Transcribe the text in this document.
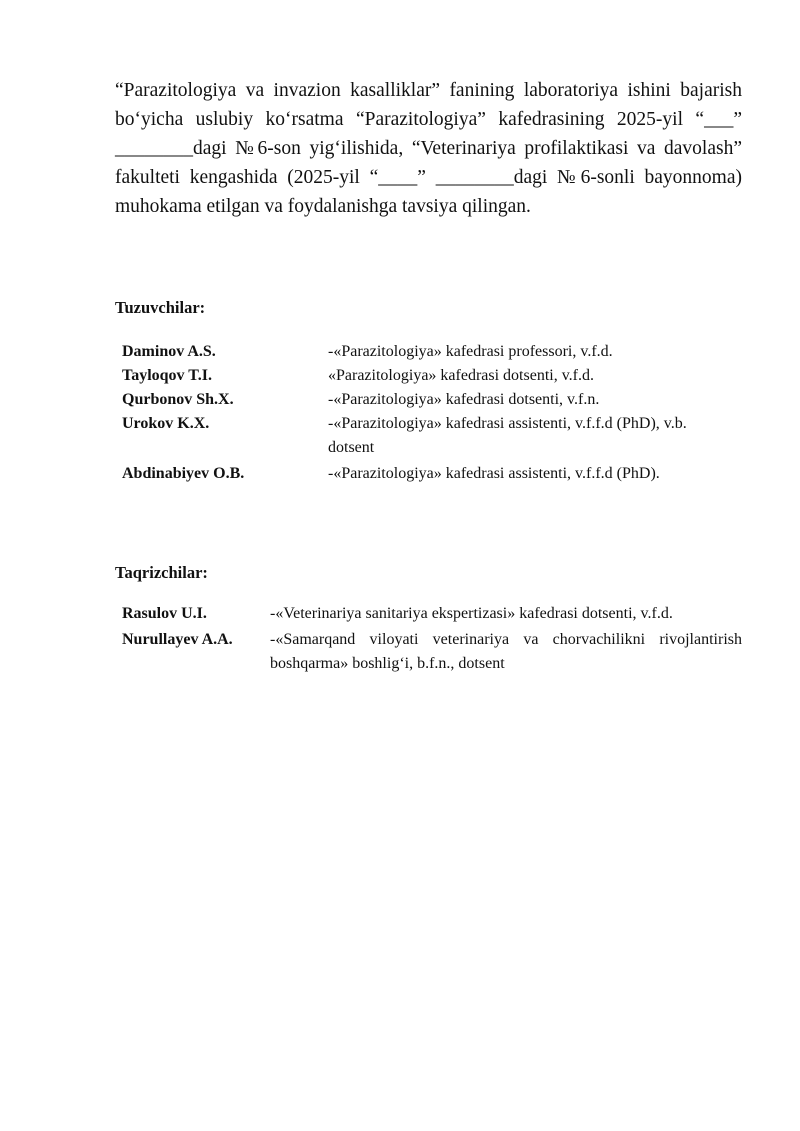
“Parazitologiya va invazion kasalliklar” fanining laboratoriya ishini bajarish bo‘yicha uslubiy ko‘rsatma “Parazitologiya” kafedrasining 2025-yil “___” ________dagi №6-son yig‘ilishida, “Veterinariya profilaktikasi va davolash” fakulteti kengashida (2025-yil “____” ________dagi №6-sonli bayonnoma) muhokama etilgan va foydalanishga tavsiya qilingan.
Tuzuvchilar:
Daminov A.S.	-«Parazitologiya» kafedrasi professori, v.f.d.
Tayloqov T.I.	«Parazitologiya» kafedrasi dotsenti, v.f.d.
Qurbonov Sh.X.	-«Parazitologiya» kafedrasi dotsenti, v.f.n.
Urokov K.X.	-«Parazitologiya» kafedrasi assistenti, v.f.f.d (PhD), v.b. dotsent
Abdinabiyev O.B.	-«Parazitologiya» kafedrasi assistenti, v.f.f.d (PhD).
Taqrizchilar:
Rasulov U.I.	-«Veterinariya sanitariya ekspertizasi» kafedrasi dotsenti, v.f.d.
Nurullayev A.A.	-«Samarqand viloyati veterinariya va chorvachilikni rivojlantirish boshqarma» boshlig‘i, b.f.n., dotsent
